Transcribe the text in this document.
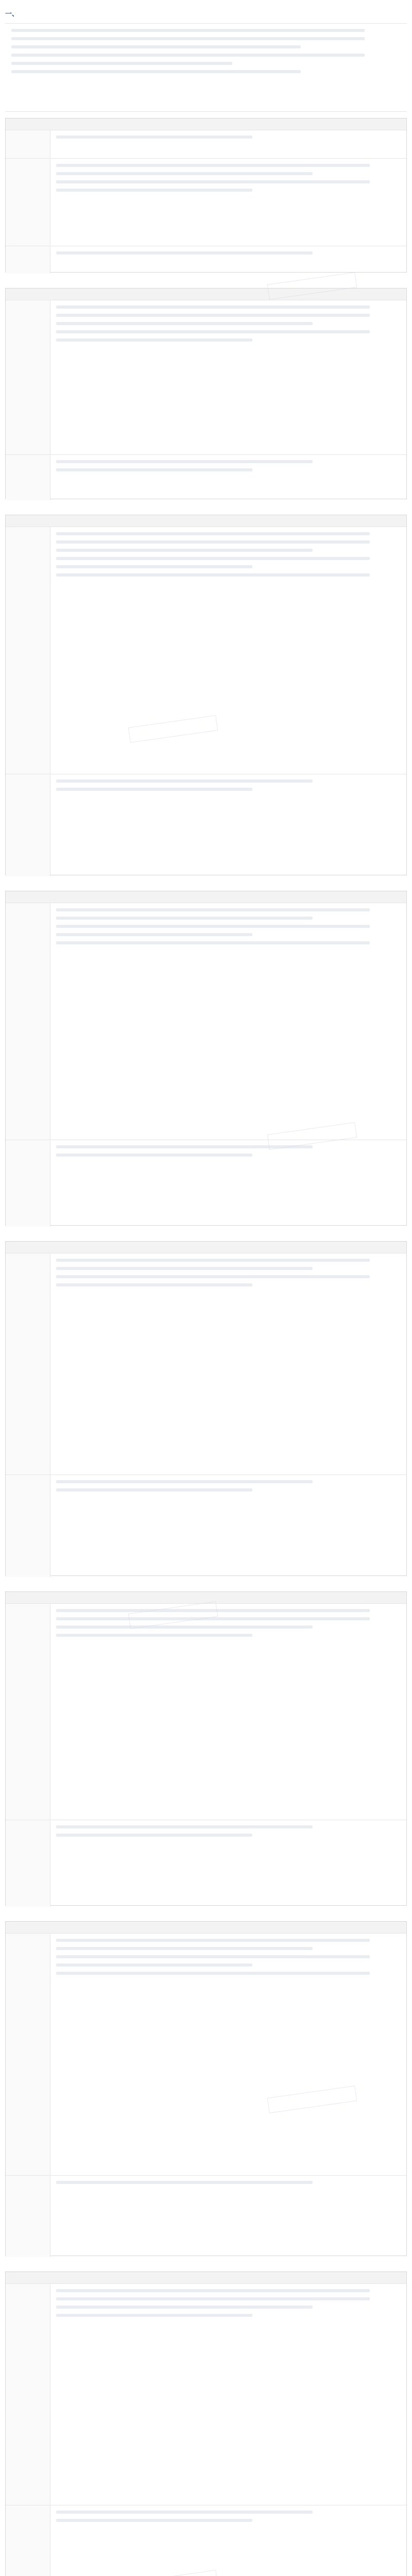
一、
